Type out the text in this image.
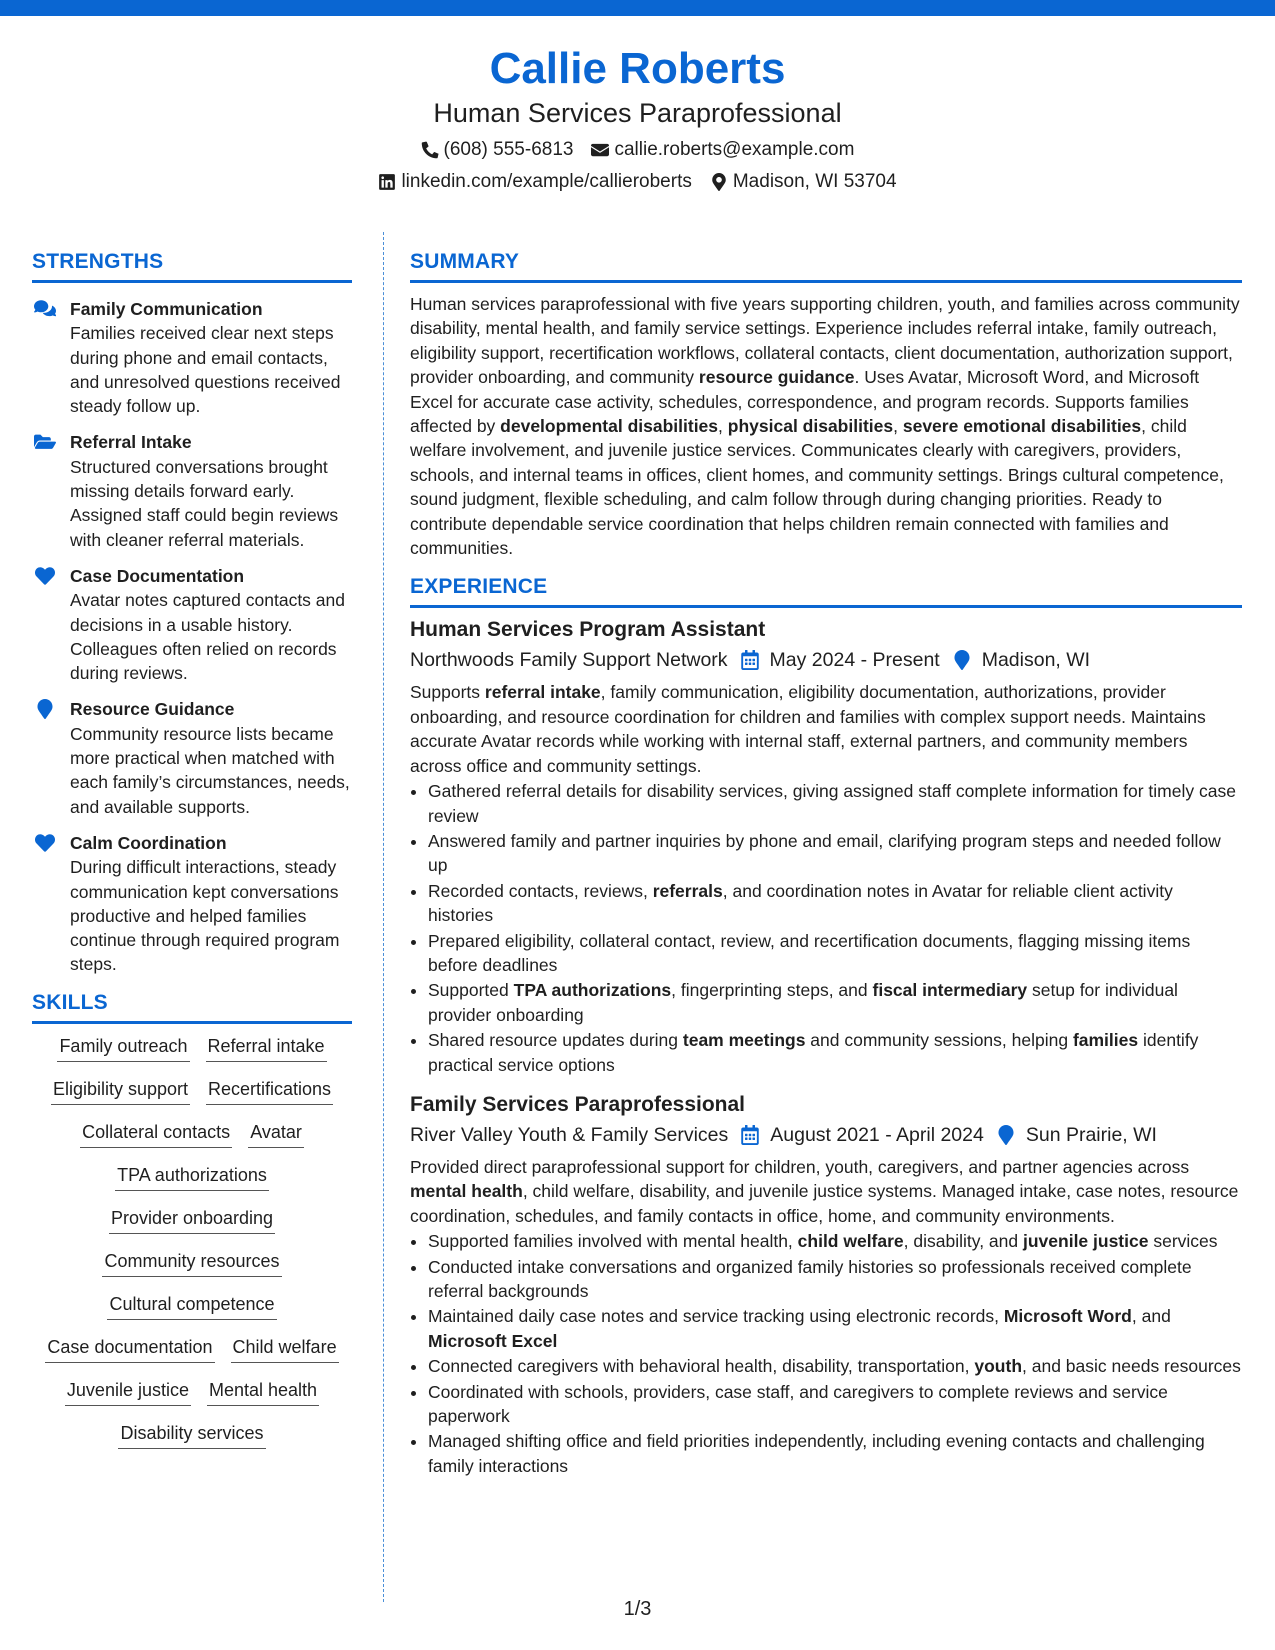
Callie Roberts
Human Services Paraprofessional
(608) 555-6813 callie.roberts@example.com
linkedin.com/example/callieroberts Madison, WI 53704
STRENGTHS
Family Communication
Families received clear next steps during phone and email contacts, and unresolved questions received steady follow up.
Referral Intake
Structured conversations brought missing details forward early. Assigned staff could begin reviews with cleaner referral materials.
Case Documentation
Avatar notes captured contacts and decisions in a usable history. Colleagues often relied on records during reviews.
Resource Guidance
Community resource lists became more practical when matched with each family’s circumstances, needs, and available supports.
Calm Coordination
During difficult interactions, steady communication kept conversations productive and helped families continue through required program steps.
SKILLS
Family outreach Referral intake
Eligibility support Recertifications
Collateral contacts Avatar
TPA authorizations
Provider onboarding
Community resources
Cultural competence
Case documentation Child welfare
Juvenile justice Mental health
Disability services
SUMMARY
Human services paraprofessional with five years supporting children, youth, and families across community disability, mental health, and family service settings. Experience includes referral intake, family outreach, eligibility support, recertification workflows, collateral contacts, client documentation, authorization support, provider onboarding, and community resource guidance. Uses Avatar, Microsoft Word, and Microsoft Excel for accurate case activity, schedules, correspondence, and program records. Supports families affected by developmental disabilities, physical disabilities, severe emotional disabilities, child welfare involvement, and juvenile justice services. Communicates clearly with caregivers, providers, schools, and internal teams in offices, client homes, and community settings. Brings cultural competence, sound judgment, flexible scheduling, and calm follow through during changing priorities. Ready to contribute dependable service coordination that helps children remain connected with families and communities.
EXPERIENCE
Human Services Program Assistant
Northwoods Family Support Network May 2024 - Present Madison, WI
Supports referral intake, family communication, eligibility documentation, authorizations, provider onboarding, and resource coordination for children and families with complex support needs. Maintains accurate Avatar records while working with internal staff, external partners, and community members across office and community settings.
• Gathered referral details for disability services, giving assigned staff complete information for timely case review
• Answered family and partner inquiries by phone and email, clarifying program steps and needed follow up
• Recorded contacts, reviews, referrals, and coordination notes in Avatar for reliable client activity histories
• Prepared eligibility, collateral contact, review, and recertification documents, flagging missing items before deadlines
• Supported TPA authorizations, fingerprinting steps, and fiscal intermediary setup for individual provider onboarding
• Shared resource updates during team meetings and community sessions, helping families identify practical service options
Family Services Paraprofessional
River Valley Youth & Family Services August 2021 - April 2024 Sun Prairie, WI
Provided direct paraprofessional support for children, youth, caregivers, and partner agencies across mental health, child welfare, disability, and juvenile justice systems. Managed intake, case notes, resource coordination, schedules, and family contacts in office, home, and community environments.
• Supported families involved with mental health, child welfare, disability, and juvenile justice services
• Conducted intake conversations and organized family histories so professionals received complete referral backgrounds
• Maintained daily case notes and service tracking using electronic records, Microsoft Word, and Microsoft Excel
• Connected caregivers with behavioral health, disability, transportation, youth, and basic needs resources
• Coordinated with schools, providers, case staff, and caregivers to complete reviews and service paperwork
• Managed shifting office and field priorities independently, including evening contacts and challenging family interactions
1/3
